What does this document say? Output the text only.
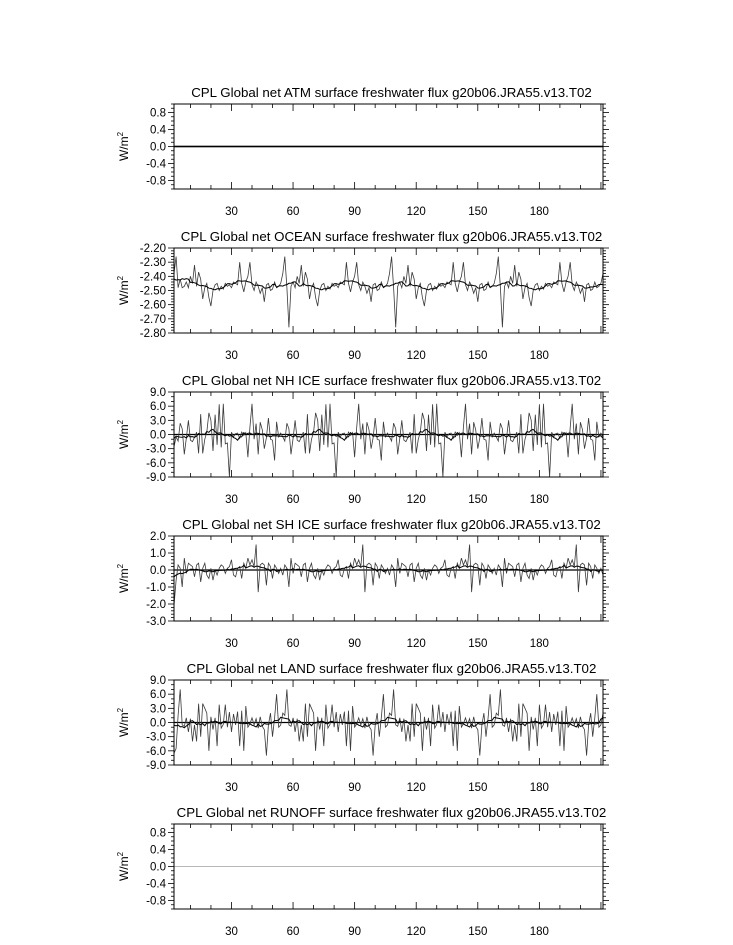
CPL Global net ATM surface freshwater flux g20b06.JRA55.v13.T02
$W/m^2$
30	60	90	120	150	180
0.8
0.4
0.0
-0.4
-0.8
CPL Global net OCEAN surface freshwater flux g20b06.JRA55.v13.T02
$W/m^2$
30	60	90	120	150	180
-2.20
-2.30
-2.40
-2.50
-2.60
-2.70
-2.80
CPL Global net NH ICE surface freshwater flux g20b06.JRA55.v13.T02
$W/m^2$
30	60	90	120	150	180
9.0
6.0
3.0
0.0
-3.0
-6.0
-9.0
CPL Global net SH ICE surface freshwater flux g20b06.JRA55.v13.T02
$W/m^2$
30	60	90	120	150	180
2.0
1.0
0.0
-1.0
-2.0
-3.0
CPL Global net LAND surface freshwater flux g20b06.JRA55.v13.T02
$W/m^2$
30	60	90	120	150	180
9.0
6.0
3.0
0.0
-3.0
-6.0
-9.0
CPL Global net RUNOFF surface freshwater flux g20b06.JRA55.v13.T02
$W/m^2$
30	60	90	120	150	180
0.8
0.4
0.0
-0.4
-0.8
